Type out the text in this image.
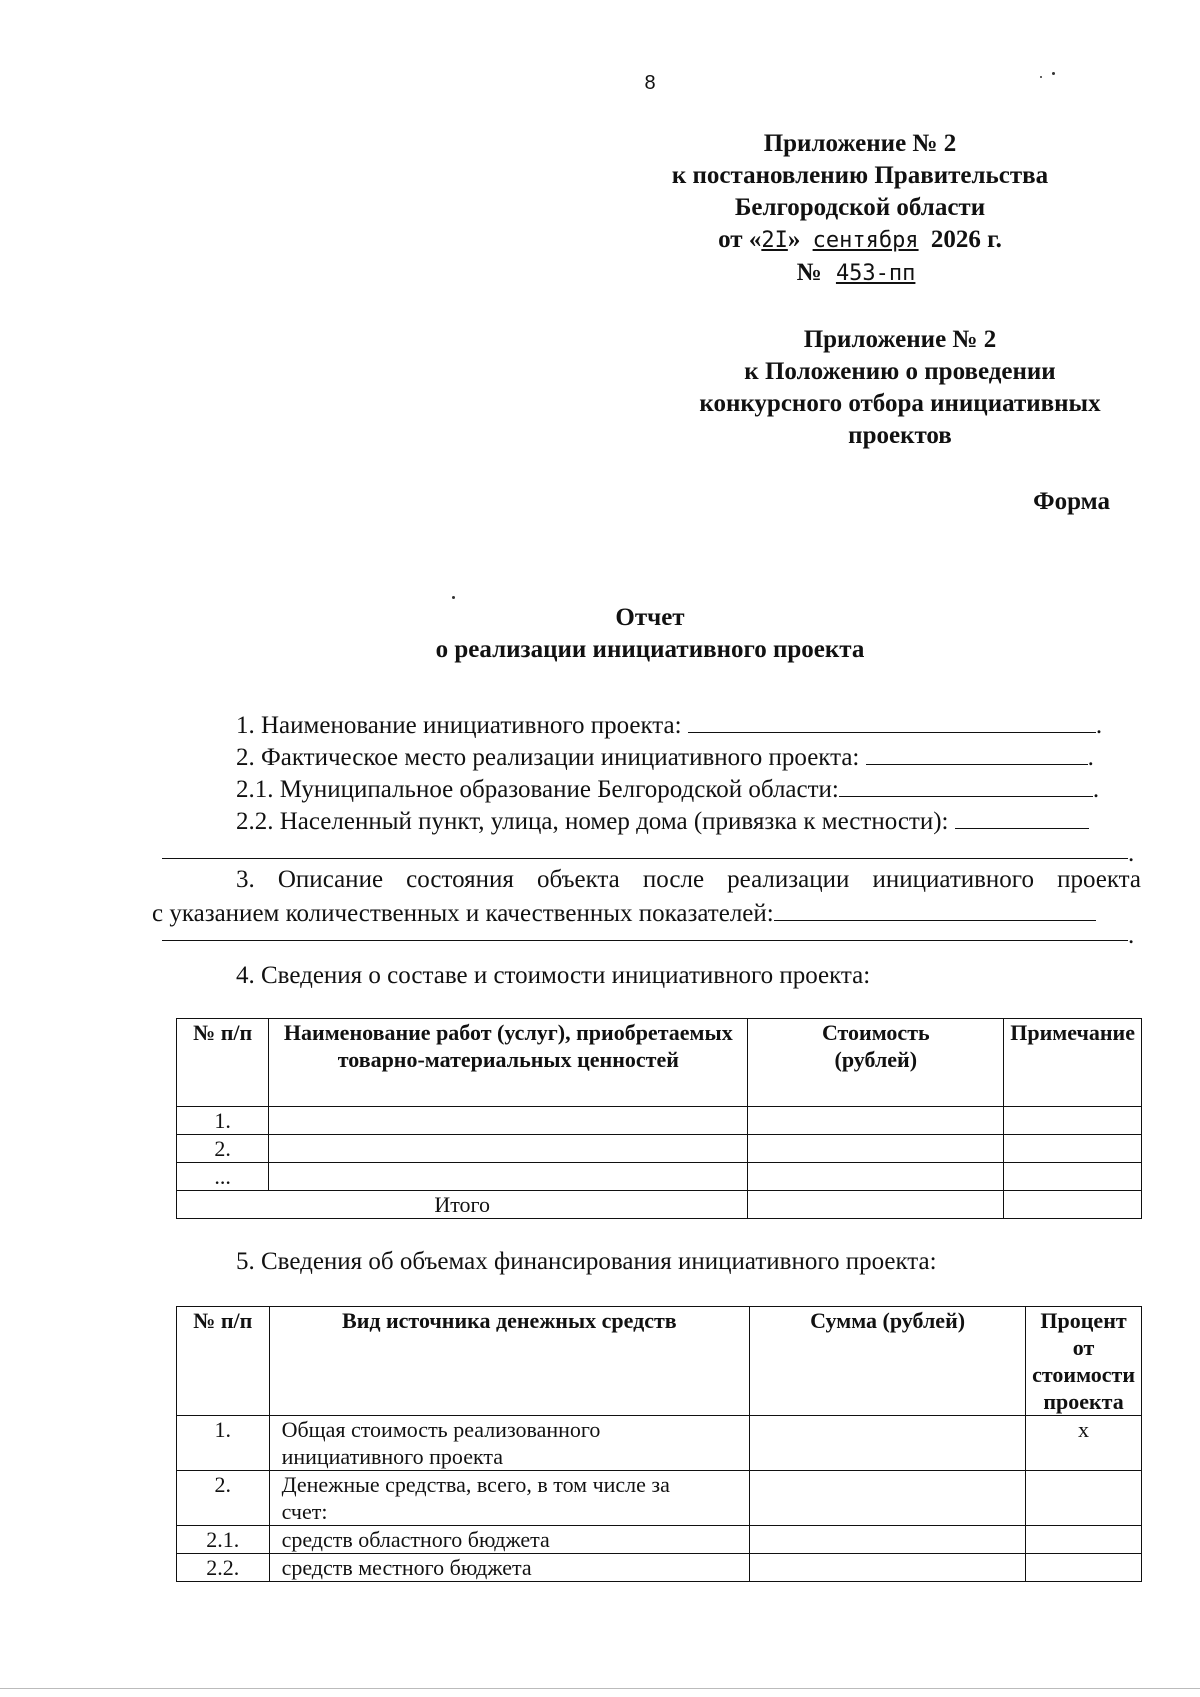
8
Приложение № 2
к постановлению Правительства
Белгородской области
от «2I» сентября 2026 г.
№ 453-пп
Приложение № 2
к Положению о проведении
конкурсного отбора инициативных
проектов
Форма
Отчет
о реализации инициативного проекта
1. Наименование инициативного проекта:	.
2. Фактическое место реализации инициативного проекта:	.
2.1. Муниципальное образование Белгородской области:	.
2.2. Населенный пункт, улица, номер дома (привязка к местности):
.
3. Описание состояния объекта после реализации инициативного проекта
с указанием количественных и качественных показателей:
.
4. Сведения о составе и стоимости инициативного проекта:
№ п/п	Наименование работ (услуг), приобретаемых товарно-материальных ценностей	Стоимость (рублей)	Примечание
1.			
2.			
...			
Итого			
5. Сведения об объемах финансирования инициативного проекта:
№ п/п	Вид источника денежных средств	Сумма (рублей)	Процент от стоимости проекта
1.	Общая стоимость реализованного инициативного проекта		х
2.	Денежные средства, всего, в том числе за счет:		
2.1.	средств областного бюджета		
2.2.	средств местного бюджета		
